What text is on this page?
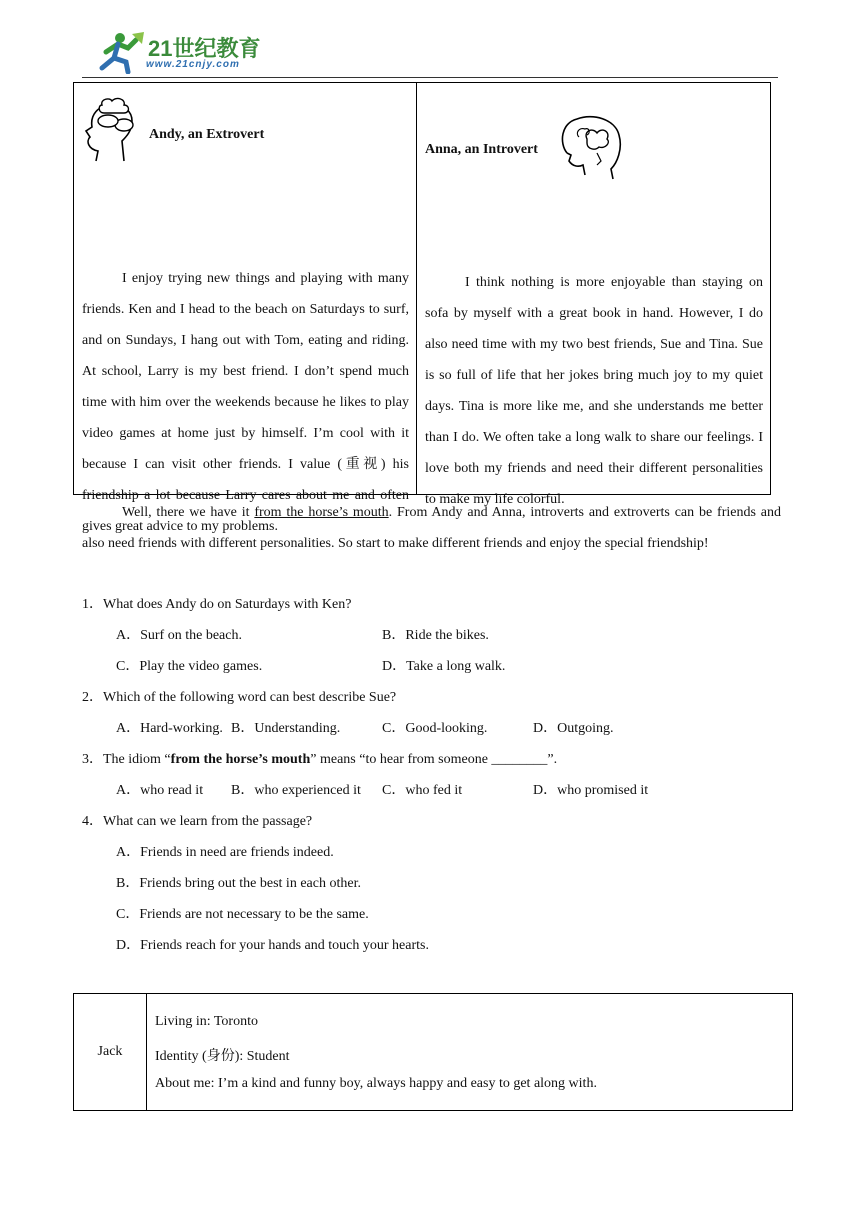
21世纪教育
www.21cnjy.com
Andy, an Extrovert
I enjoy trying new things and playing with many friends. Ken and I head to the beach on Saturdays to surf, and on Sundays, I hang out with Tom, eating and riding. At school, Larry is my best friend. I don’t spend much time with him over the weekends because he likes to play video games at home just by himself. I’m cool with it because I can visit other friends. I value (重视) his friendship a lot because Larry cares about me and often gives great advice to my problems.
Anna, an Introvert
I think nothing is more enjoyable than staying on sofa by myself with a great book in hand. However, I do also need time with my two best friends, Sue and Tina. Sue is so full of life that her jokes bring much joy to my quiet days. Tina is more like me, and she understands me better than I do. We often take a long walk to share our feelings. I love both my friends and need their different personalities to make my life colorful.
Well, there we have it from the horse’s mouth. From Andy and Anna, introverts and extroverts can be friends and also need friends with different personalities. So start to make different friends and enjoy the special friendship!
1．What does Andy do on Saturdays with Ken?
A．Surf on the beach.	B．Ride the bikes.
C．Play the video games.	D．Take a long walk.
2．Which of the following word can best describe Sue?
A．Hard-working. B．Understanding.	C．Good-looking.	D．Outgoing.
3．The idiom “from the horse’s mouth” means “to hear from someone ________”.
A．who read it B．who experienced it C．who fed it	D．who promised it
4．What can we learn from the passage?
A．Friends in need are friends indeed.
B．Friends bring out the best in each other.
C．Friends are not necessary to be the same.
D．Friends reach for your hands and touch your hearts.
Jack
Living in: Toronto
Identity (身份): Student
About me: I’m a kind and funny boy, always happy and easy to get along with.
